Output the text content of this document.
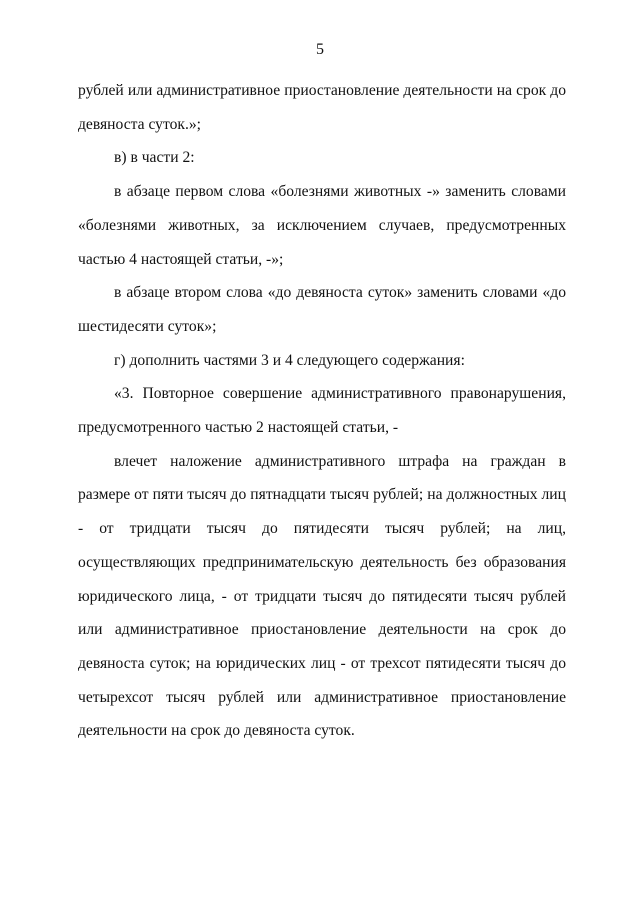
5

рублей или административное приостановление деятельности на срок до девяноста суток.»;

в) в части 2:

в абзаце первом слова «болезнями животных -» заменить словами «болезнями животных, за исключением случаев, предусмотренных частью 4 настоящей статьи, -»;

в абзаце втором слова «до девяноста суток» заменить словами «до шестидесяти суток»;

г) дополнить частями 3 и 4 следующего содержания:

«3. Повторное совершение административного правонарушения, предусмотренного частью 2 настоящей статьи, -

влечет наложение административного штрафа на граждан в размере от пяти тысяч до пятнадцати тысяч рублей; на должностных лиц - от тридцати тысяч до пятидесяти тысяч рублей; на лиц, осуществляющих предпринимательскую деятельность без образования юридического лица, - от тридцати тысяч до пятидесяти тысяч рублей или административное приостановление деятельности на срок до девяноста суток; на юридических лиц - от трехсот пятидесяти тысяч до четырехсот тысяч рублей или административное приостановление деятельности на срок до девяноста суток.
